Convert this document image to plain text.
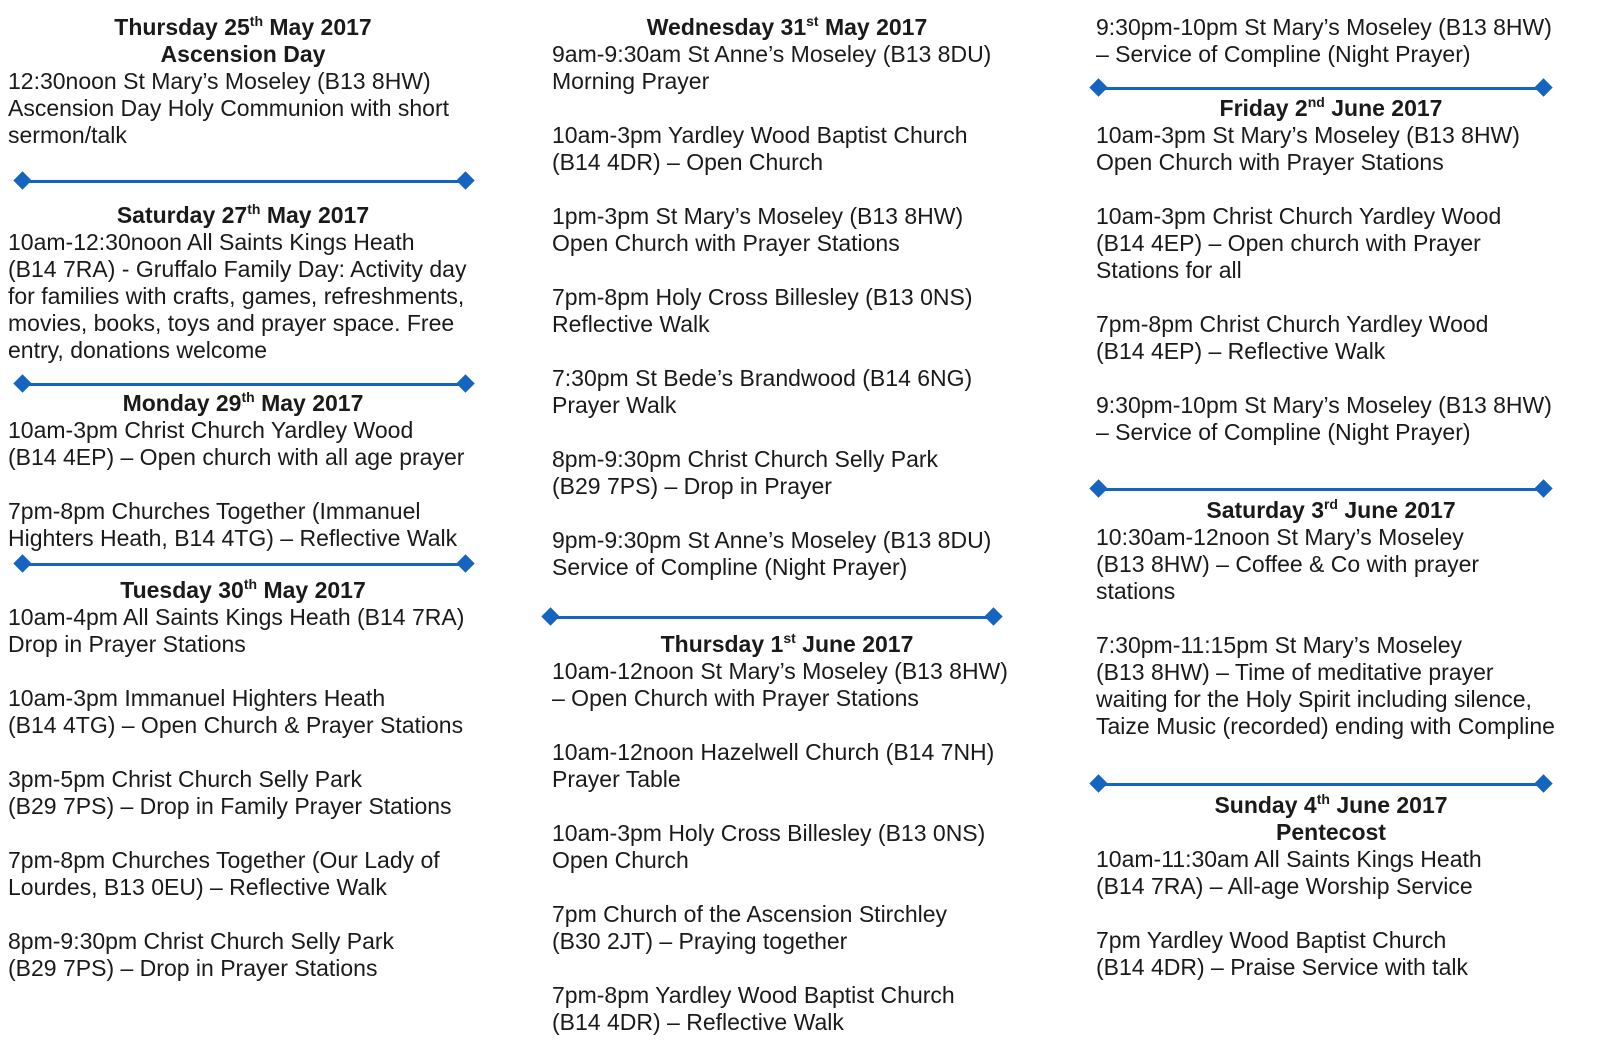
Thursday 25th May 2017
Ascension Day
12:30noon St Mary’s Moseley (B13 8HW)
Ascension Day Holy Communion with short
sermon/talk
Saturday 27th May 2017
10am-12:30noon All Saints Kings Heath
(B14 7RA) - Gruffalo Family Day: Activity day
for families with crafts, games, refreshments,
movies, books, toys and prayer space. Free
entry, donations welcome
Monday 29th May 2017
10am-3pm Christ Church Yardley Wood
(B14 4EP) – Open church with all age prayer
7pm-8pm Churches Together (Immanuel
Highters Heath, B14 4TG) – Reflective Walk
Tuesday 30th May 2017
10am-4pm All Saints Kings Heath (B14 7RA)
Drop in Prayer Stations
10am-3pm Immanuel Highters Heath
(B14 4TG) – Open Church & Prayer Stations
3pm-5pm Christ Church Selly Park
(B29 7PS) – Drop in Family Prayer Stations
7pm-8pm Churches Together (Our Lady of
Lourdes, B13 0EU) – Reflective Walk
8pm-9:30pm Christ Church Selly Park
(B29 7PS) – Drop in Prayer Stations
Wednesday 31st May 2017
9am-9:30am St Anne’s Moseley (B13 8DU)
Morning Prayer
10am-3pm Yardley Wood Baptist Church
(B14 4DR) – Open Church
1pm-3pm St Mary’s Moseley (B13 8HW)
Open Church with Prayer Stations
7pm-8pm Holy Cross Billesley (B13 0NS)
Reflective Walk
7:30pm St Bede’s Brandwood (B14 6NG)
Prayer Walk
8pm-9:30pm Christ Church Selly Park
(B29 7PS) – Drop in Prayer
9pm-9:30pm St Anne’s Moseley (B13 8DU)
Service of Compline (Night Prayer)
Thursday 1st June 2017
10am-12noon St Mary’s Moseley (B13 8HW)
– Open Church with Prayer Stations
10am-12noon Hazelwell Church (B14 7NH)
Prayer Table
10am-3pm Holy Cross Billesley (B13 0NS)
Open Church
7pm Church of the Ascension Stirchley
(B30 2JT) – Praying together
7pm-8pm Yardley Wood Baptist Church
(B14 4DR) – Reflective Walk
9:30pm-10pm St Mary’s Moseley (B13 8HW)
– Service of Compline (Night Prayer)
Friday 2nd June 2017
10am-3pm St Mary’s Moseley (B13 8HW)
Open Church with Prayer Stations
10am-3pm Christ Church Yardley Wood
(B14 4EP) – Open church with Prayer
Stations for all
7pm-8pm Christ Church Yardley Wood
(B14 4EP) – Reflective Walk
9:30pm-10pm St Mary’s Moseley (B13 8HW)
– Service of Compline (Night Prayer)
Saturday 3rd June 2017
10:30am-12noon St Mary’s Moseley
(B13 8HW) – Coffee & Co with prayer
stations
7:30pm-11:15pm St Mary’s Moseley
(B13 8HW) – Time of meditative prayer
waiting for the Holy Spirit including silence,
Taize Music (recorded) ending with Compline
Sunday 4th June 2017
Pentecost
10am-11:30am All Saints Kings Heath
(B14 7RA) – All-age Worship Service
7pm Yardley Wood Baptist Church
(B14 4DR) – Praise Service with talk
